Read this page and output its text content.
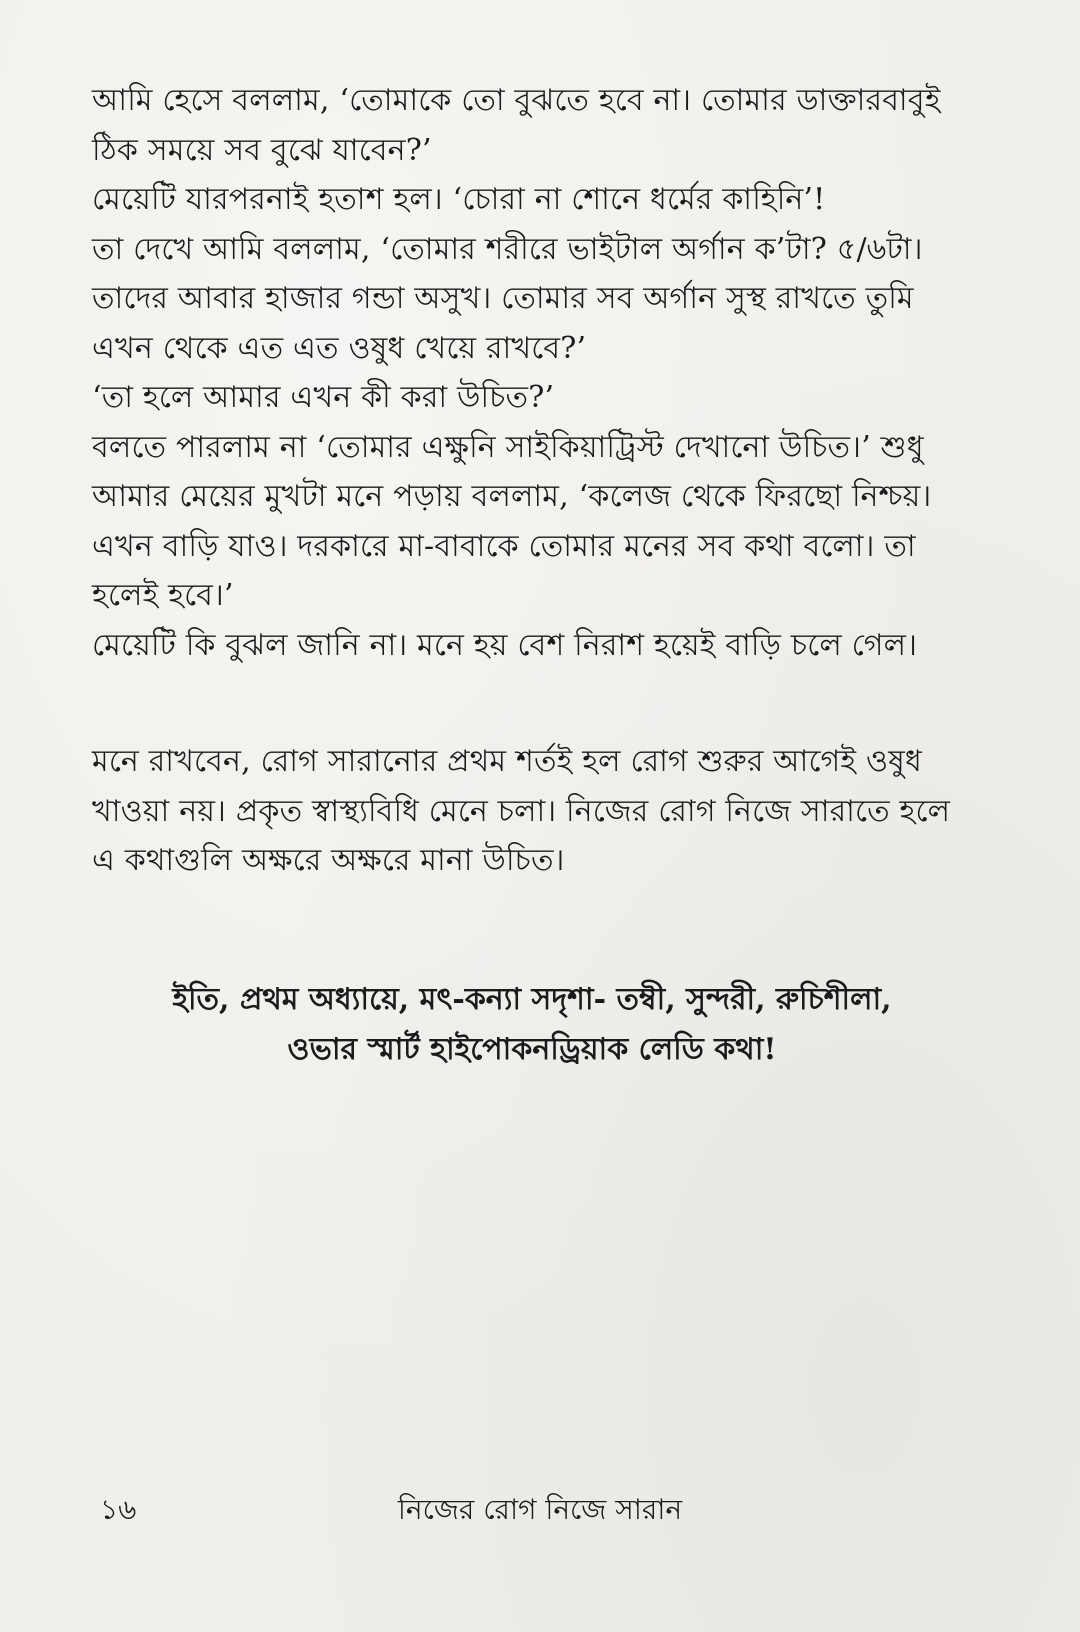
আমি হেসে বললাম, ‘তোমাকে তো বুঝতে হবে না। তোমার ডাক্তারবাবুই

ঠিক সময়ে সব বুঝে যাবেন?’

মেয়েটি যারপরনাই হতাশ হল। ‘চোরা না শোনে ধর্মের কাহিনি’!

তা দেখে আমি বললাম, ‘তোমার শরীরে ভাইটাল অর্গান ক’টা? ৫/৬টা।

তাদের আবার হাজার গন্ডা অসুখ। তোমার সব অর্গান সুস্থ রাখতে তুমি

এখন থেকে এত এত ওষুধ খেয়ে রাখবে?’

‘তা হলে আমার এখন কী করা উচিত?’

বলতে পারলাম না ‘তোমার এক্ষুনি সাইকিয়াট্রিস্ট দেখানো উচিত।’ শুধু

আমার মেয়ের মুখটা মনে পড়ায় বললাম, ‘কলেজ থেকে ফিরছো নিশ্চয়।

এখন বাড়ি যাও। দরকারে মা-বাবাকে তোমার মনের সব কথা বলো। তা

হলেই হবে।’

মেয়েটি কি বুঝল জানি না। মনে হয় বেশ নিরাশ হয়েই বাড়ি চলে গেল।

মনে রাখবেন, রোগ সারানোর প্রথম শর্তই হল রোগ শুরুর আগেই ওষুধ

খাওয়া নয়। প্রকৃত স্বাস্থ্যবিধি মেনে চলা। নিজের রোগ নিজে সারাতে হলে

এ কথাগুলি অক্ষরে অক্ষরে মানা উচিত।

ইতি, প্রথম অধ্যায়ে, মৎ-কন্যা সদৃশা- তম্বী, সুন্দরী, রুচিশীলা,

ওভার স্মার্ট হাইপোকনড্রিয়াক লেডি কথা!

১৬	নিজের রোগ নিজে সারান
